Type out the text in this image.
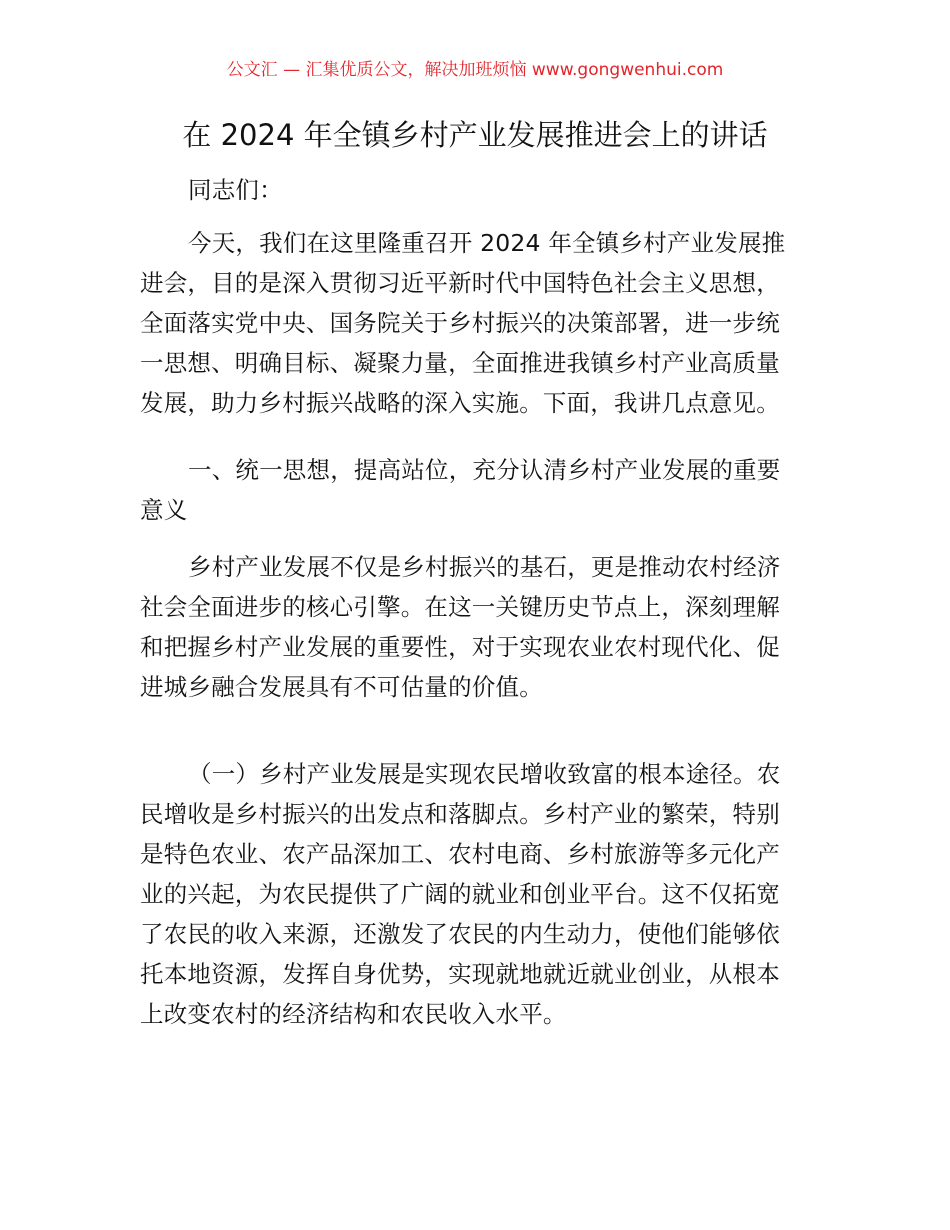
公文汇 — 汇集优质公文，解决加班烦恼 www.gongwenhui.com
在 2024 年全镇乡村产业发展推进会上的讲话
同志们：
今天，我们在这里隆重召开 2024 年全镇乡村产业发展推
进会，目的是深入贯彻习近平新时代中国特色社会主义思想，
全面落实党中央、国务院关于乡村振兴的决策部署，进一步统
一思想、明确目标、凝聚力量，全面推进我镇乡村产业高质量
发展，助力乡村振兴战略的深入实施。下面，我讲几点意见。
一、统一思想，提高站位，充分认清乡村产业发展的重要
意义
乡村产业发展不仅是乡村振兴的基石，更是推动农村经济
社会全面进步的核心引擎。在这一关键历史节点上，深刻理解
和把握乡村产业发展的重要性，对于实现农业农村现代化、促
进城乡融合发展具有不可估量的价值。
（一）乡村产业发展是实现农民增收致富的根本途径。农
民增收是乡村振兴的出发点和落脚点。乡村产业的繁荣，特别
是特色农业、农产品深加工、农村电商、乡村旅游等多元化产
业的兴起，为农民提供了广阔的就业和创业平台。这不仅拓宽
了农民的收入来源，还激发了农民的内生动力，使他们能够依
托本地资源，发挥自身优势，实现就地就近就业创业，从根本
上改变农村的经济结构和农民收入水平。
